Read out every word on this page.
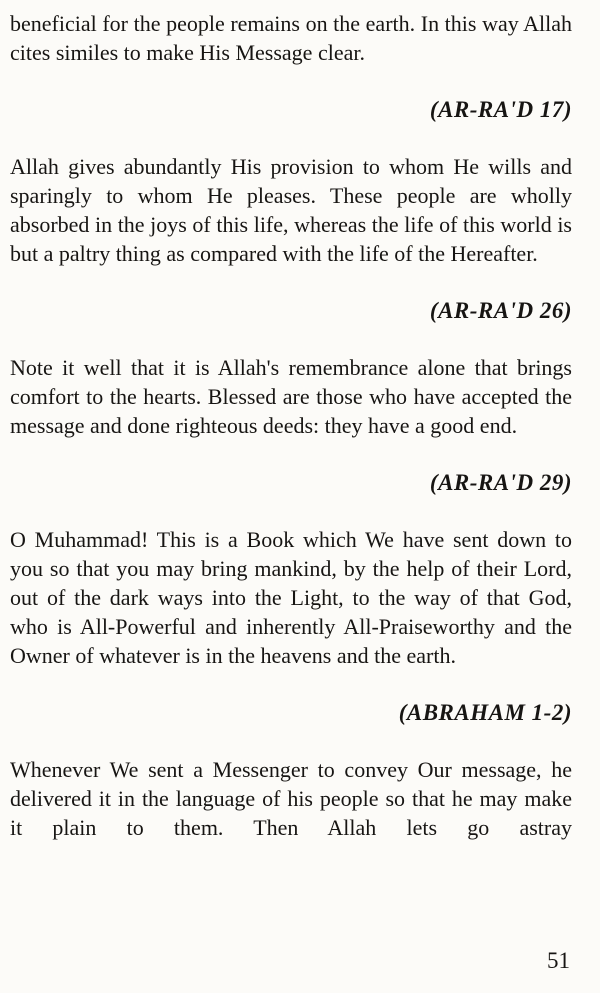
beneficial for the people remains on the earth. In this way Allah cites similes to make His Message clear.

(AR-RA'D 17)

Allah gives abundantly His provision to whom He wills and sparingly to whom He pleases. These people are wholly absorbed in the joys of this life, whereas the life of this world is but a paltry thing as compared with the life of the Hereafter.

(AR-RA'D 26)

Note it well that it is Allah's remembrance alone that brings comfort to the hearts. Blessed are those who have accepted the message and done righteous deeds: they have a good end.

(AR-RA'D 29)

O Muhammad! This is a Book which We have sent down to you so that you may bring mankind, by the help of their Lord, out of the dark ways into the Light, to the way of that God, who is All-Powerful and inherently All-Praiseworthy and the Owner of whatever is in the heavens and the earth.

(ABRAHAM 1-2)

Whenever We sent a Messenger to convey Our message, he delivered it in the language of his people so that he may make it plain to them. Then Allah lets go astray

51
